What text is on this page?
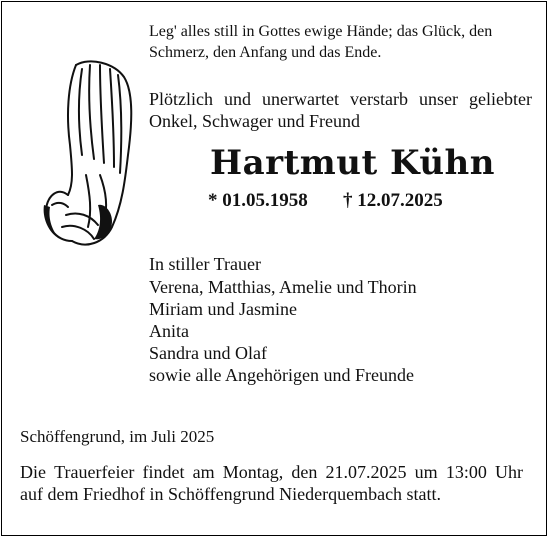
Leg' alles still in Gottes ewige Hände; das Glück, den
Schmerz, den Anfang und das Ende.
Plötzlich und unerwartet verstarb unser geliebter
Onkel, Schwager und Freund
Hartmut Kühn
* 01.05.1958 † 12.07.2025
In stiller Trauer
Verena, Matthias, Amelie und Thorin
Miriam und Jasmine
Anita
Sandra und Olaf
sowie alle Angehörigen und Freunde
Schöffengrund, im Juli 2025
Die Trauerfeier findet am Montag, den 21.07.2025 um 13:00 Uhr
auf dem Friedhof in Schöffengrund Niederquembach statt.
